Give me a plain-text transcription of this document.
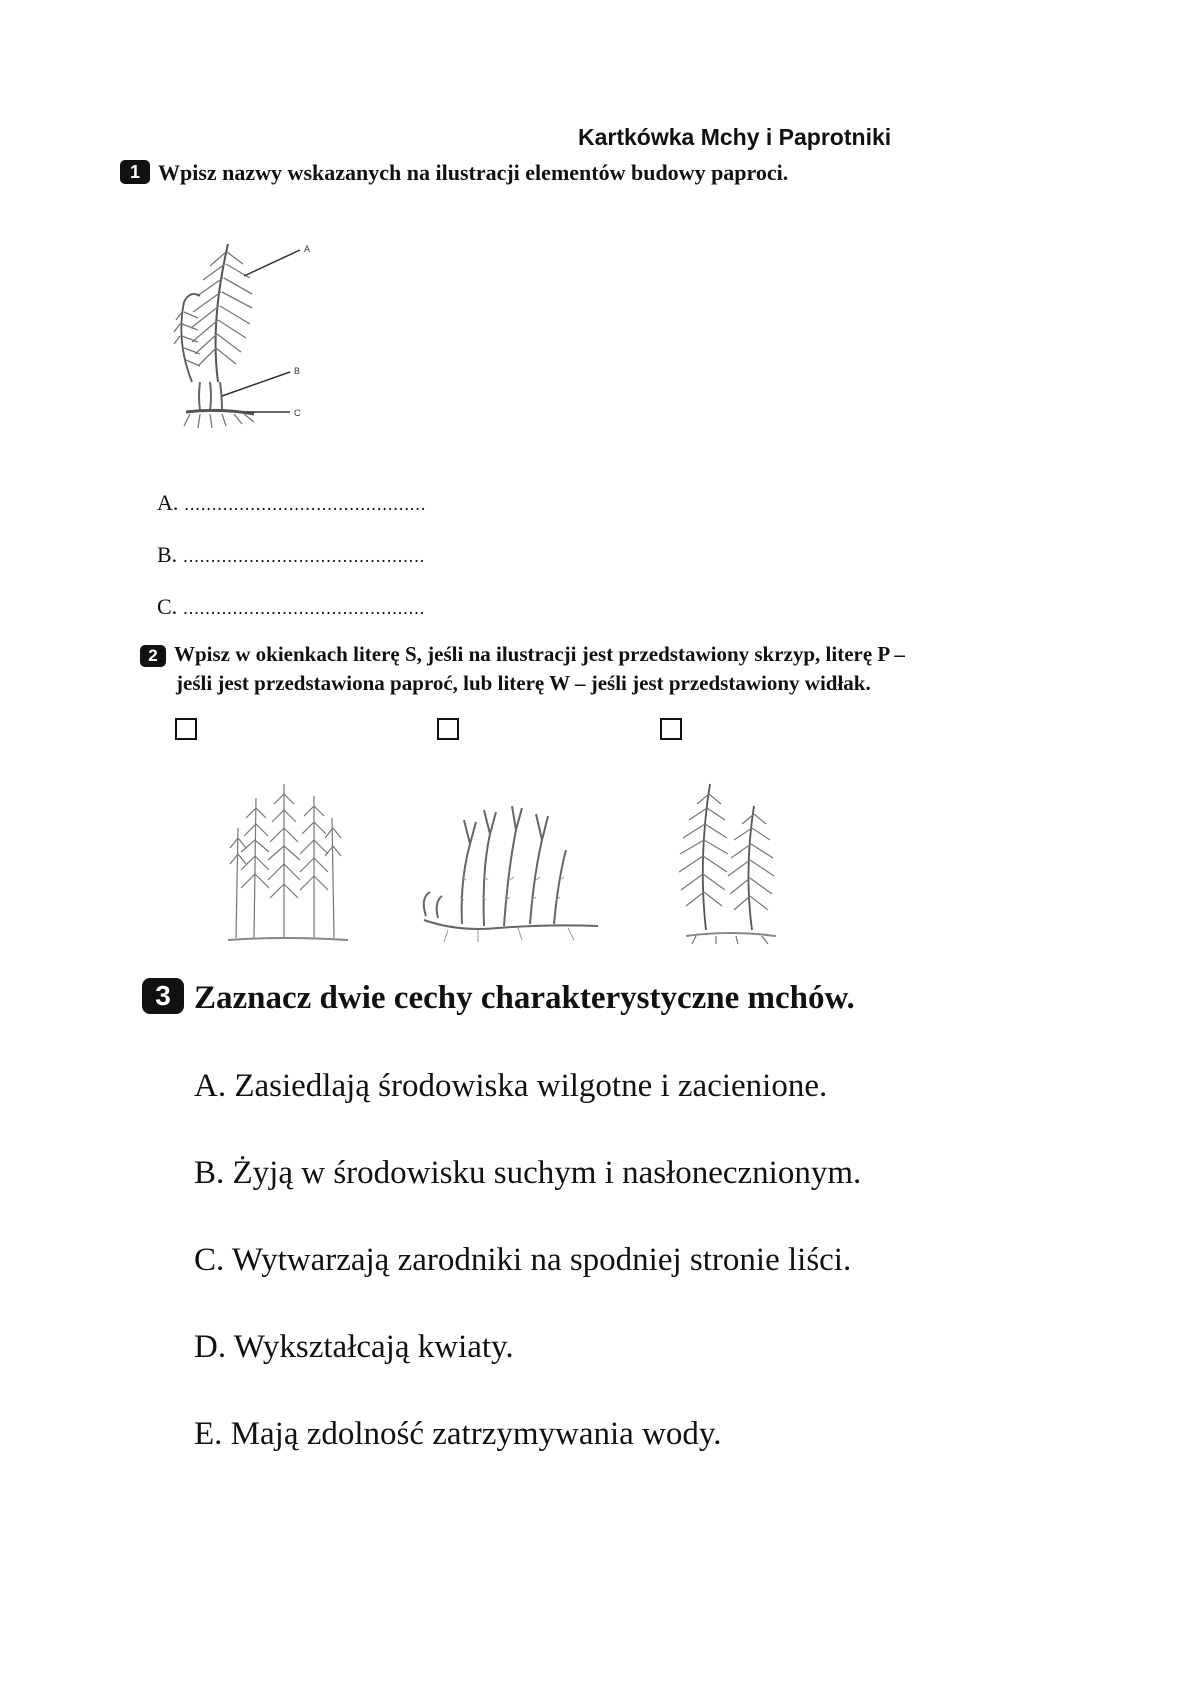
Kartkówka Mchy i Paprotniki
1 Wpisz nazwy wskazanych na ilustracji elementów budowy paproci.
A
B
C
A. ............................................
B. ............................................
C. ............................................
2 Wpisz w okienkach literę S, jeśli na ilustracji jest przedstawiony skrzyp, literę P –
jeśli jest przedstawiona paproć, lub literę W – jeśli jest przedstawiony widłak.
3 Zaznacz dwie cechy charakterystyczne mchów.
A. Zasiedlają środowiska wilgotne i zacienione.
B. Żyją w środowisku suchym i nasłonecznionym.
C. Wytwarzają zarodniki na spodniej stronie liści.
D. Wykształcają kwiaty.
E. Mają zdolność zatrzymywania wody.
